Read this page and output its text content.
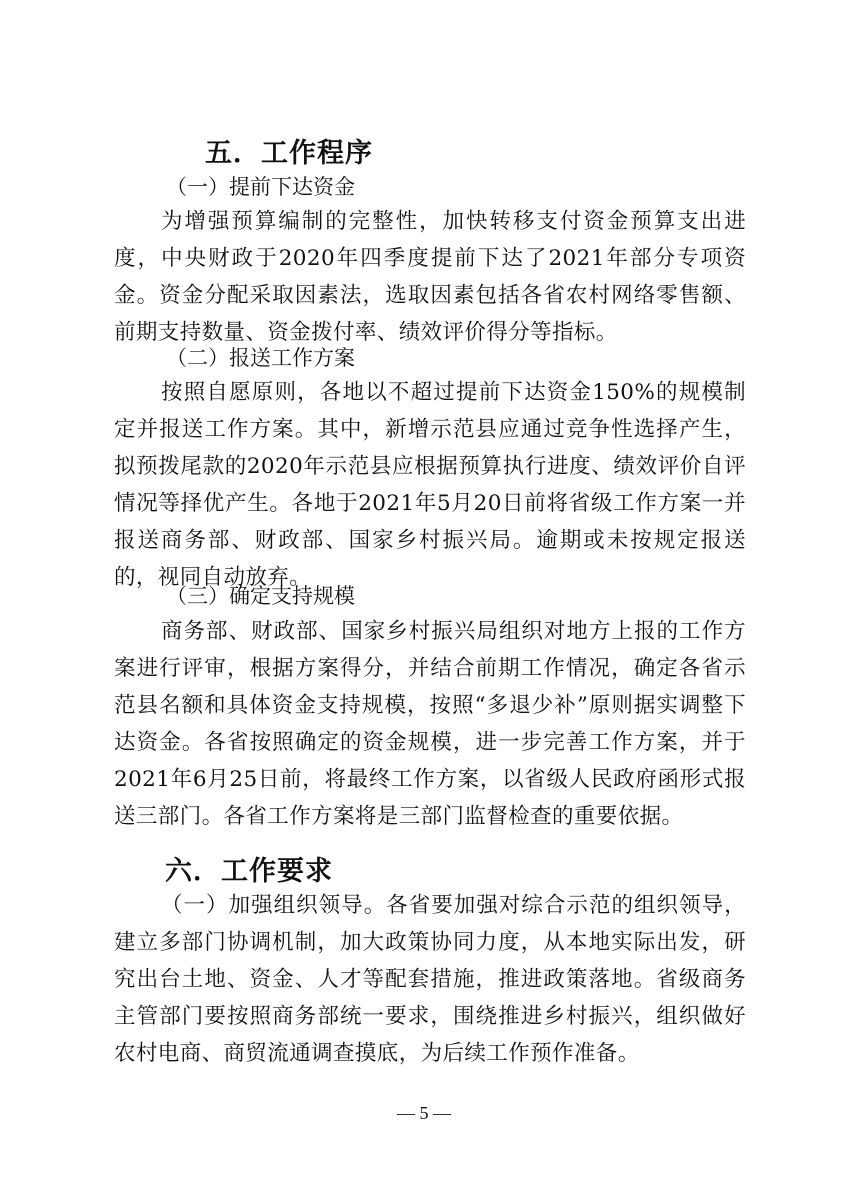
五．工作程序
（一）提前下达资金
为增强预算编制的完整性，加快转移支付资金预算支出进度，中央财政于2020年四季度提前下达了2021年部分专项资金。资金分配采取因素法，选取因素包括各省农村网络零售额、前期支持数量、资金拨付率、绩效评价得分等指标。
（二）报送工作方案
按照自愿原则，各地以不超过提前下达资金150%的规模制定并报送工作方案。其中，新增示范县应通过竞争性选择产生，拟预拨尾款的2020年示范县应根据预算执行进度、绩效评价自评情况等择优产生。各地于2021年5月20日前将省级工作方案一并报送商务部、财政部、国家乡村振兴局。逾期或未按规定报送的，视同自动放弃。
（三）确定支持规模
商务部、财政部、国家乡村振兴局组织对地方上报的工作方案进行评审，根据方案得分，并结合前期工作情况，确定各省示范县名额和具体资金支持规模，按照“多退少补”原则据实调整下达资金。各省按照确定的资金规模，进一步完善工作方案，并于2021年6月25日前，将最终工作方案，以省级人民政府函形式报送三部门。各省工作方案将是三部门监督检查的重要依据。
六．工作要求
（一）加强组织领导。各省要加强对综合示范的组织领导，建立多部门协调机制，加大政策协同力度，从本地实际出发，研究出台土地、资金、人才等配套措施，推进政策落地。省级商务主管部门要按照商务部统一要求，围绕推进乡村振兴，组织做好农村电商、商贸流通调查摸底，为后续工作预作准备。
— 5 —
